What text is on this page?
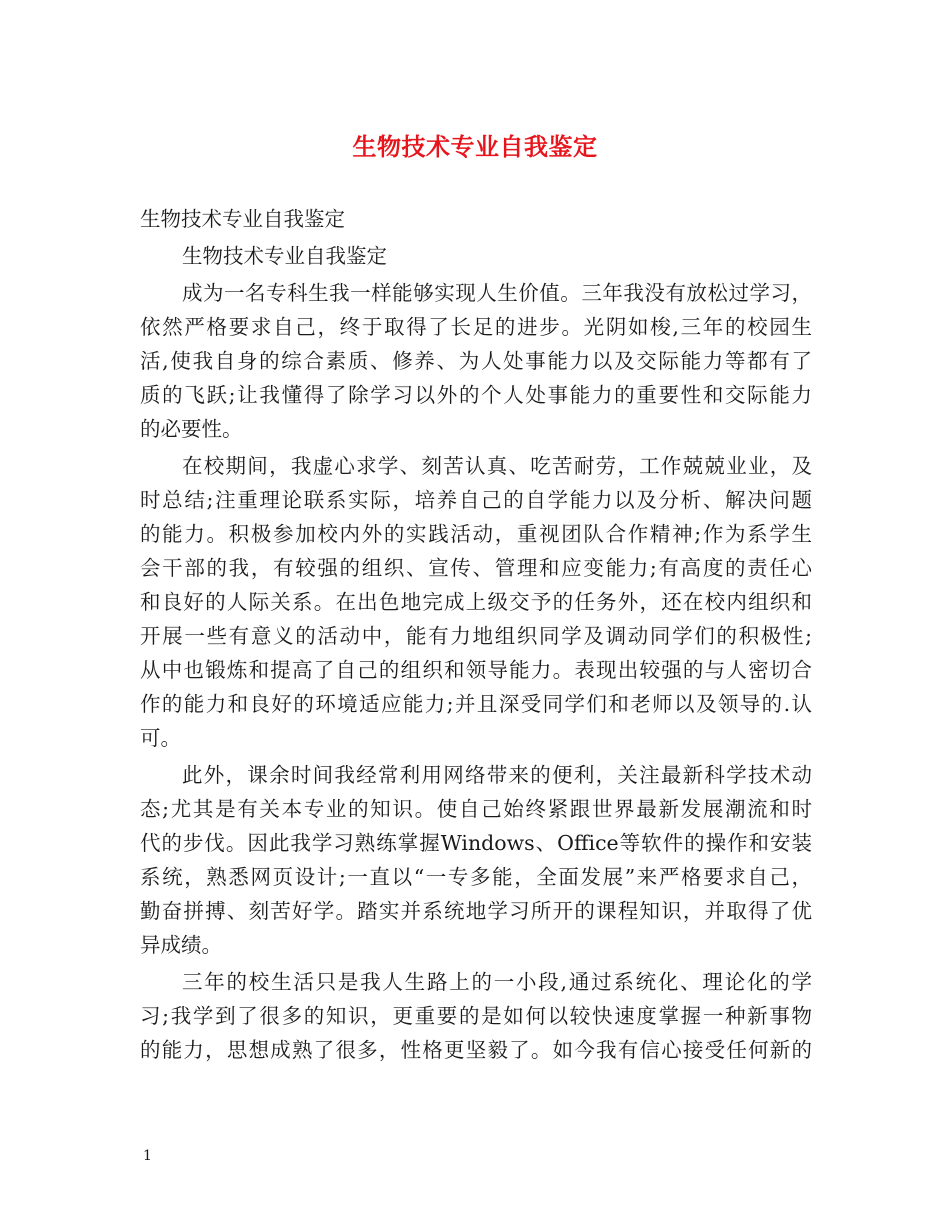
生物技术专业自我鉴定
生物技术专业自我鉴定
生物技术专业自我鉴定
成为一名专科生我一样能够实现人生价值。三年我没有放松过学习，
依然严格要求自己，终于取得了长足的进步。光阴如梭,三年的校园生
活,使我自身的综合素质、修养、为人处事能力以及交际能力等都有了
质的飞跃;让我懂得了除学习以外的个人处事能力的重要性和交际能力
的必要性。
在校期间，我虚心求学、刻苦认真、吃苦耐劳，工作兢兢业业，及
时总结;注重理论联系实际，培养自己的自学能力以及分析、解决问题
的能力。积极参加校内外的实践活动，重视团队合作精神;作为系学生
会干部的我，有较强的组织、宣传、管理和应变能力;有高度的责任心
和良好的人际关系。在出色地完成上级交予的任务外，还在校内组织和
开展一些有意义的活动中，能有力地组织同学及调动同学们的积极性;
从中也锻炼和提高了自己的组织和领导能力。表现出较强的与人密切合
作的能力和良好的环境适应能力;并且深受同学们和老师以及领导的.认
可。
此外，课余时间我经常利用网络带来的便利，关注最新科学技术动
态;尤其是有关本专业的知识。使自己始终紧跟世界最新发展潮流和时
代的步伐。因此我学习熟练掌握Windows、Office等软件的操作和安装
系统，熟悉网页设计;一直以“一专多能，全面发展”来严格要求自己，
勤奋拼搏、刻苦好学。踏实并系统地学习所开的课程知识，并取得了优
异成绩。
三年的校生活只是我人生路上的一小段,通过系统化、理论化的学
习;我学到了很多的知识，更重要的是如何以较快速度掌握一种新事物
的能力，思想成熟了很多，性格更坚毅了。如今我有信心接受任何新的
1
